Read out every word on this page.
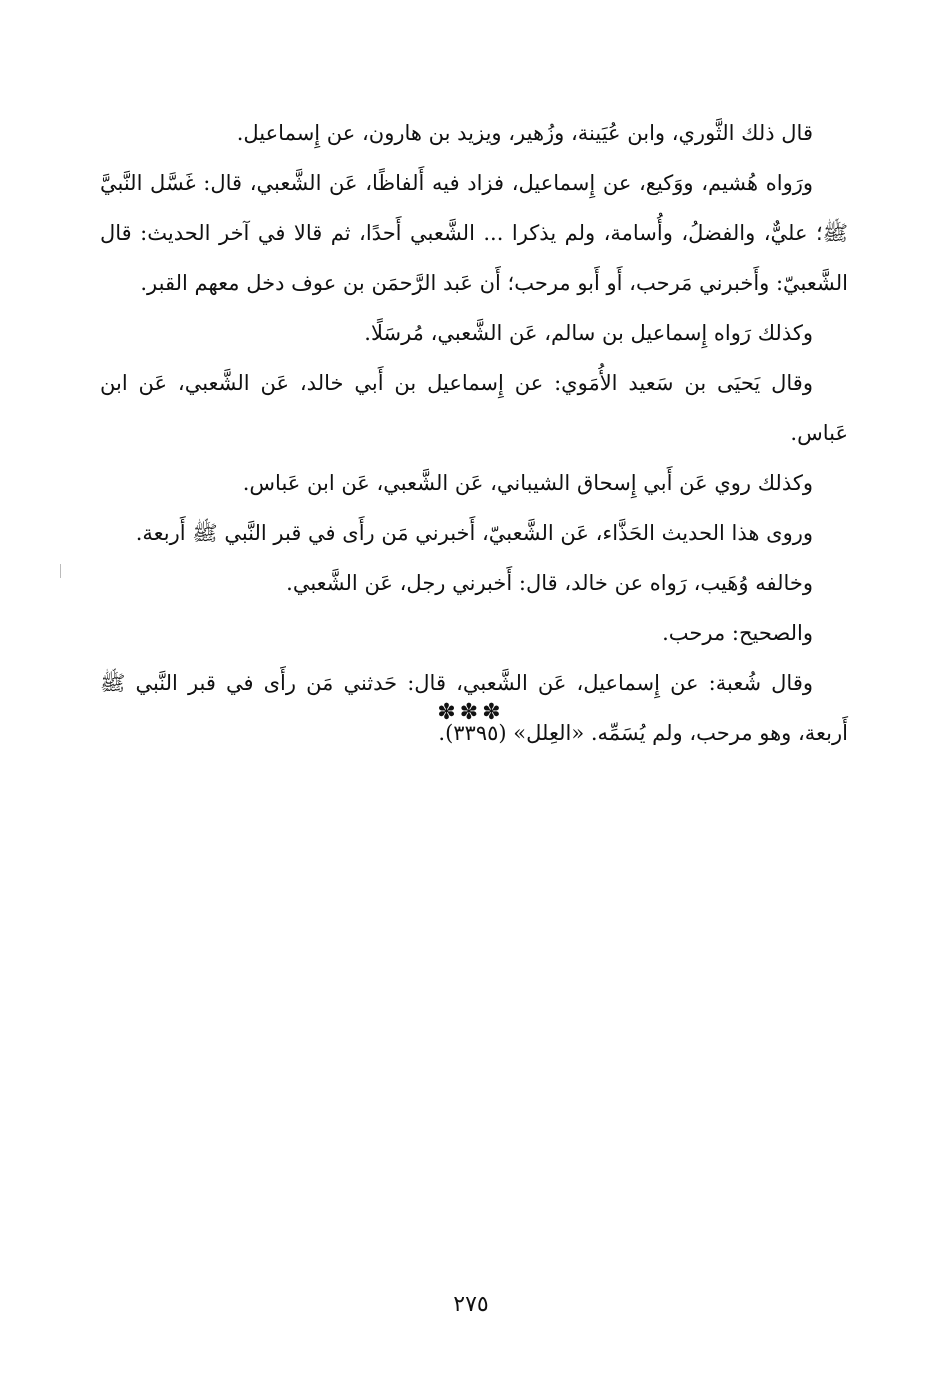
قال ذلك الثَّوري، وابن عُيَينة، وزُهير، ويزيد بن هارون، عن إِسماعيل.

ورَواه هُشيم، ووَكيع، عن إِسماعيل، فزاد فيه أَلفاظًا، عَن الشَّعبي، قال: غَسَّل النَّبيَّ ﷺ؛ عليٌّ، والفضلُ، وأُسامة، ولم يذكرا ... الشَّعبي أَحدًا، ثم قالا في آخر الحديث: قال الشَّعبيّ: وأَخبرني مَرحب، أَو أَبو مرحب؛ أَن عَبد الرَّحمَن بن عوف دخل معهم القبر.

وكذلك رَواه إِسماعيل بن سالم، عَن الشَّعبي، مُرسَلًا.

وقال يَحيَى بن سَعيد الأُمَوي: عن إِسماعيل بن أَبي خالد، عَن الشَّعبي، عَن ابن عَباس.

وكذلك روي عَن أَبي إِسحاق الشيباني، عَن الشَّعبي، عَن ابن عَباس.

وروى هذا الحديث الحَذَّاء، عَن الشَّعبيّ، أَخبرني مَن رأَى في قبر النَّبي ﷺ أَربعة.

وخالفه وُهَيب، رَواه عن خالد، قال: أَخبرني رجل، عَن الشَّعبي.

والصحيح: مرحب.

وقال شُعبة: عن إِسماعيل، عَن الشَّعبي، قال: حَدثني مَن رأَى في قبر النَّبي ﷺ أَربعة، وهو مرحب، ولم يُسَمِّه. «العِلل» (٣٣٩٥).

✽✽✽
٢٧٥
